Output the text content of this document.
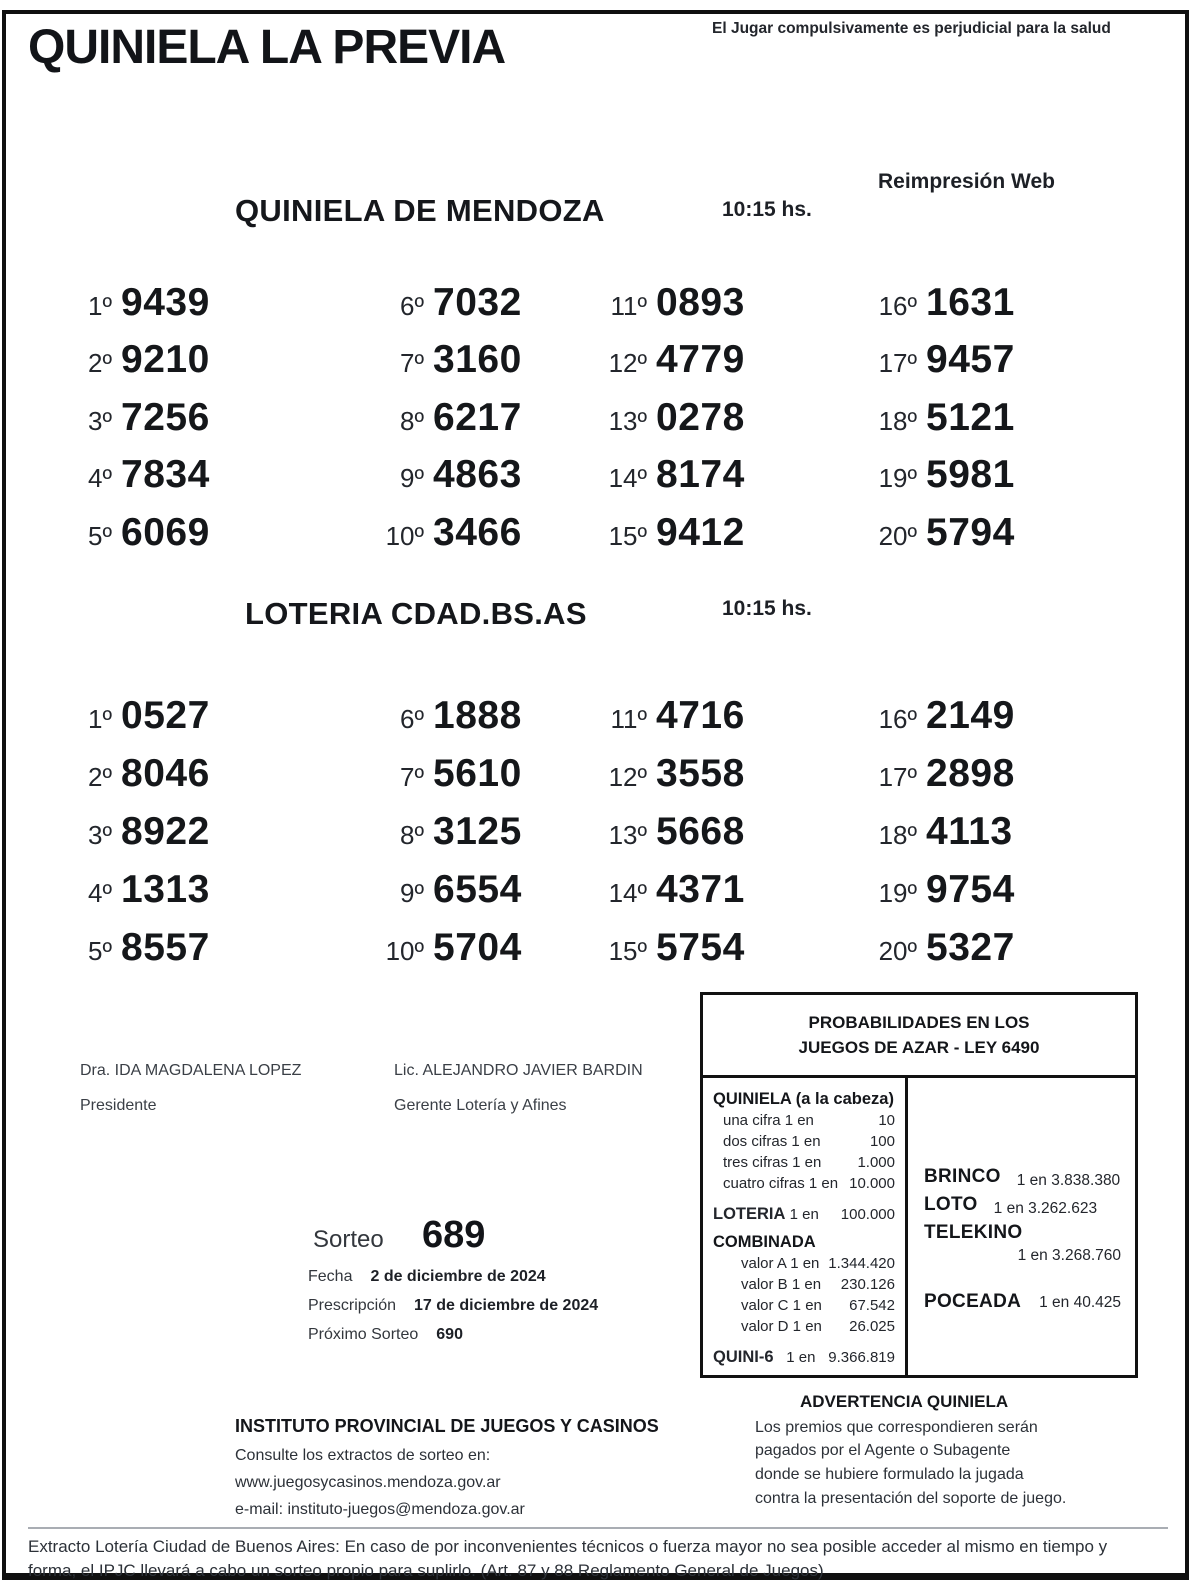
QUINIELA LA PREVIA	El Jugar compulsivamente es perjudicial para la salud
Reimpresión Web
QUINIELA DE MENDOZA	10:15 hs.
1º 9439
2º 9210
3º 7256
4º 7834
5º 6069
6º 7032
7º 3160
8º 6217
9º 4863
10º 3466
11º 0893
12º 4779
13º 0278
14º 8174
15º 9412
16º 1631
17º 9457
18º 5121
19º 5981
20º 5794
LOTERIA CDAD.BS.AS	10:15 hs.
1º 0527
2º 8046
3º 8922
4º 1313
5º 8557
6º 1888
7º 5610
8º 3125
9º 6554
10º 5704
11º 4716
12º 3558
13º 5668
14º 4371
15º 5754
16º 2149
17º 2898
18º 4113
19º 9754
20º 5327
Dra. IDA MAGDALENA LOPEZ
Presidente
Lic. ALEJANDRO JAVIER BARDIN
Gerente Lotería y Afines
PROBABILIDADES EN LOS
JUEGOS DE AZAR - LEY 6490
QUINIELA (a la cabeza)
una cifra 1 en	10
dos cifras 1 en	100
tres cifras 1 en 1.000
cuatro cifras 1 en 10.000
LOTERIA 1 en 100.000
COMBINADA
valor A 1 en 1.344.420
valor B 1 en 230.126
valor C 1 en 67.542
valor D 1 en 26.025
QUINI-6 1 en 9.366.819
BRINCO 1 en 3.838.380
LOTO 1 en 3.262.623
TELEKINO
1 en 3.268.760
POCEADA 1 en 40.425
Sorteo 689
Fecha 2 de diciembre de 2024
Prescripción 17 de diciembre de 2024
Próximo Sorteo 690
ADVERTENCIA QUINIELA
Los premios que correspondieren serán
pagados por el Agente o Subagente
donde se hubiere formulado la jugada
contra la presentación del soporte de juego.
INSTITUTO PROVINCIAL DE JUEGOS Y CASINOS
Consulte los extractos de sorteo en:
www.juegosycasinos.mendoza.gov.ar
e-mail: instituto-juegos@mendoza.gov.ar
Extracto Lotería Ciudad de Buenos Aires: En caso de por inconvenientes técnicos o fuerza mayor no sea posible acceder al mismo en tiempo y
forma, el IPJC llevará a cabo un sorteo propio para suplirlo. (Art. 87 y 88 Reglamento General de Juegos)
